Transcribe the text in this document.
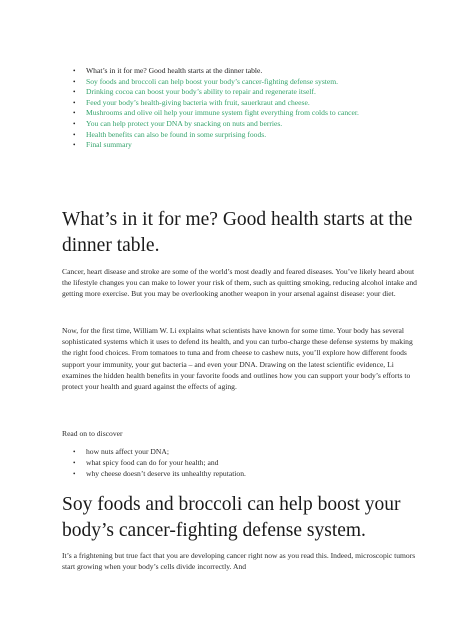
• What’s in it for me? Good health starts at the dinner table.
• Soy foods and broccoli can help boost your body’s cancer-fighting defense system.
• Drinking cocoa can boost your body’s ability to repair and regenerate itself.
• Feed your body’s health-giving bacteria with fruit, sauerkraut and cheese.
• Mushrooms and olive oil help your immune system fight everything from colds to cancer.
• You can help protect your DNA by snacking on nuts and berries.
• Health benefits can also be found in some surprising foods.
• Final summary
What’s in it for me? Good health starts at the dinner table.

Cancer, heart disease and stroke are some of the world’s most deadly and feared diseases. You’ve likely heard about the lifestyle changes you can make to lower your risk of them, such as quitting smoking, reducing alcohol intake and getting more exercise. But you may be overlooking another weapon in your arsenal against disease: your diet.

Now, for the first time, William W. Li explains what scientists have known for some time. Your body has several sophisticated systems which it uses to defend its health, and you can turbo-charge these defense systems by making the right food choices. From tomatoes to tuna and from cheese to cashew nuts, you’ll explore how different foods support your immunity, your gut bacteria – and even your DNA. Drawing on the latest scientific evidence, Li examines the hidden health benefits in your favorite foods and outlines how you can support your body’s efforts to protect your health and guard against the effects of aging.

Read on to discover

• how nuts affect your DNA;
• what spicy food can do for your health; and
• why cheese doesn’t deserve its unhealthy reputation.
Soy foods and broccoli can help boost your body’s cancer-fighting defense system.

It’s a frightening but true fact that you are developing cancer right now as you read this. Indeed, microscopic tumors start growing when your body’s cells divide incorrectly. And
